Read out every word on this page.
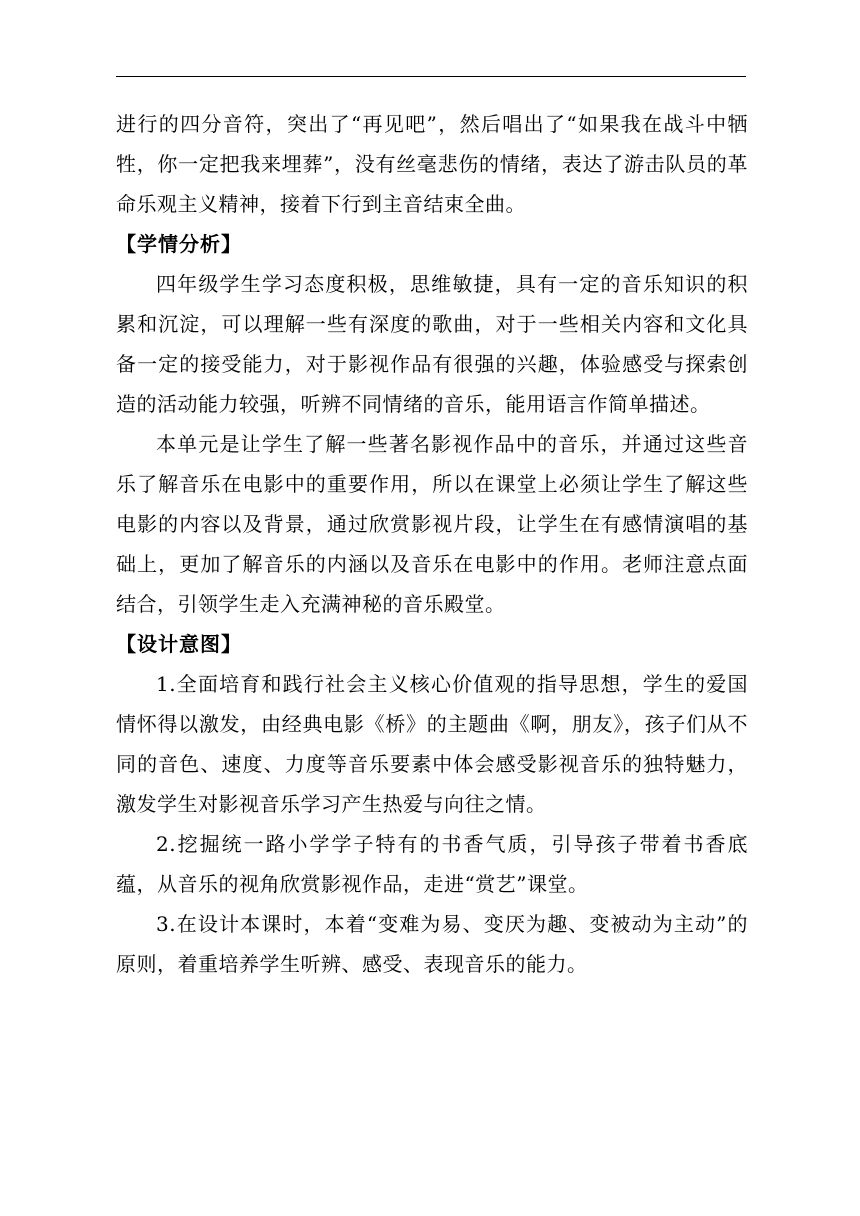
进行的四分音符，突出了“再见吧”，然后唱出了“如果我在战斗中牺牲，你一定把我来埋葬”，没有丝毫悲伤的情绪，表达了游击队员的革命乐观主义精神，接着下行到主音结束全曲。

【学情分析】

四年级学生学习态度积极，思维敏捷，具有一定的音乐知识的积累和沉淀，可以理解一些有深度的歌曲，对于一些相关内容和文化具备一定的接受能力，对于影视作品有很强的兴趣，体验感受与探索创造的活动能力较强，听辨不同情绪的音乐，能用语言作简单描述。

本单元是让学生了解一些著名影视作品中的音乐，并通过这些音乐了解音乐在电影中的重要作用，所以在课堂上必须让学生了解这些电影的内容以及背景，通过欣赏影视片段，让学生在有感情演唱的基础上，更加了解音乐的内涵以及音乐在电影中的作用。老师注意点面结合，引领学生走入充满神秘的音乐殿堂。

【设计意图】

1.全面培育和践行社会主义核心价值观的指导思想，学生的爱国情怀得以激发，由经典电影《桥》的主题曲《啊，朋友》，孩子们从不同的音色、速度、力度等音乐要素中体会感受影视音乐的独特魅力，激发学生对影视音乐学习产生热爱与向往之情。

2.挖掘统一路小学学子特有的书香气质，引导孩子带着书香底蕴，从音乐的视角欣赏影视作品，走进“赏艺”课堂。

3.在设计本课时，本着“变难为易、变厌为趣、变被动为主动”的原则，着重培养学生听辨、感受、表现音乐的能力。
